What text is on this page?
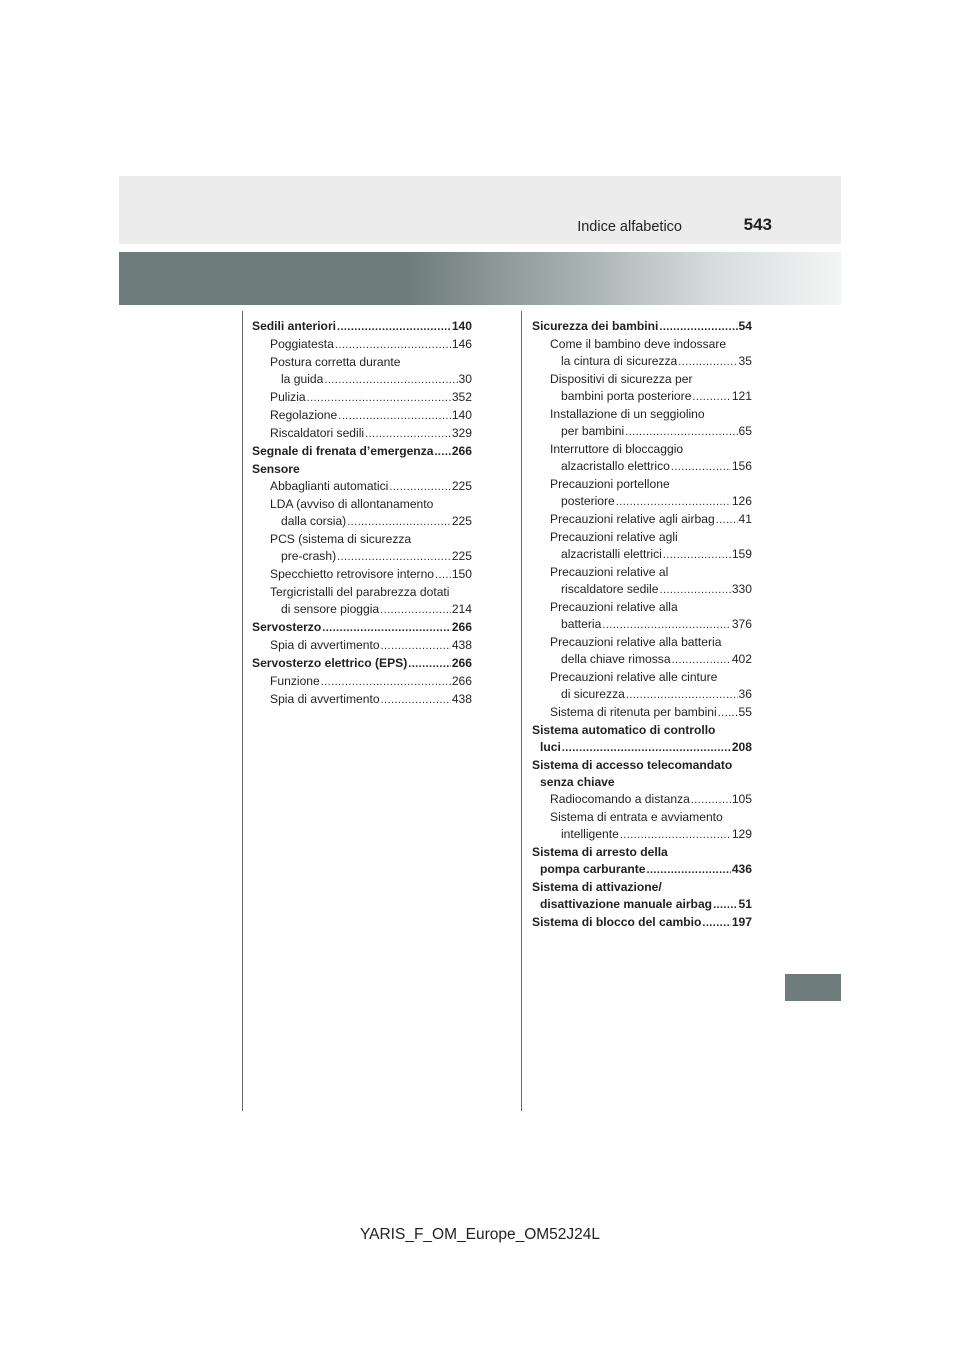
Indice alfabetico	543
Sedili anteriori .....	140
Poggiatesta .....	146
Postura corretta durante
la guida .....	30
Pulizia .....	352
Regolazione .....	140
Riscaldatori sedili .....	329
Segnale di frenata d’emergenza ..... 266
Sensore
Abbaglianti automatici .....	225
LDA (avviso di allontanamento
dalla corsia) .....	225
PCS (sistema di sicurezza
pre-crash) .....	225
Specchietto retrovisore interno ..... 150
Tergicristalli del parabrezza dotati
di sensore pioggia .....	214
Servosterzo .....	266
Spia di avvertimento .....	438
Servosterzo elettrico (EPS) .....	266
Funzione .....	266
Spia di avvertimento .....	438
Sicurezza dei bambini .....	54
Come il bambino deve indossare
la cintura di sicurezza .....	35
Dispositivi di sicurezza per
bambini porta posteriore .....	121
Installazione di un seggiolino
per bambini .....	65
Interruttore di bloccaggio
alzacristallo elettrico .....	156
Precauzioni portellone
posteriore .....	126
Precauzioni relative agli airbag ..... 41
Precauzioni relative agli
alzacristalli elettrici .....	159
Precauzioni relative al
riscaldatore sedile .....	330
Precauzioni relative alla
batteria .....	376
Precauzioni relative alla batteria
della chiave rimossa .....	402
Precauzioni relative alle cinture
di sicurezza .....	36
Sistema di ritenuta per bambini ..... 55
Sistema automatico di controllo
luci .....	208
Sistema di accesso telecomandato
senza chiave
Radiocomando a distanza .....	105
Sistema di entrata e avviamento
intelligente .....	129
Sistema di arresto della
pompa carburante .....	436
Sistema di attivazione/
disattivazione manuale airbag ..... 51
Sistema di blocco del cambio .....	197
YARIS_F_OM_Europe_OM52J24L
